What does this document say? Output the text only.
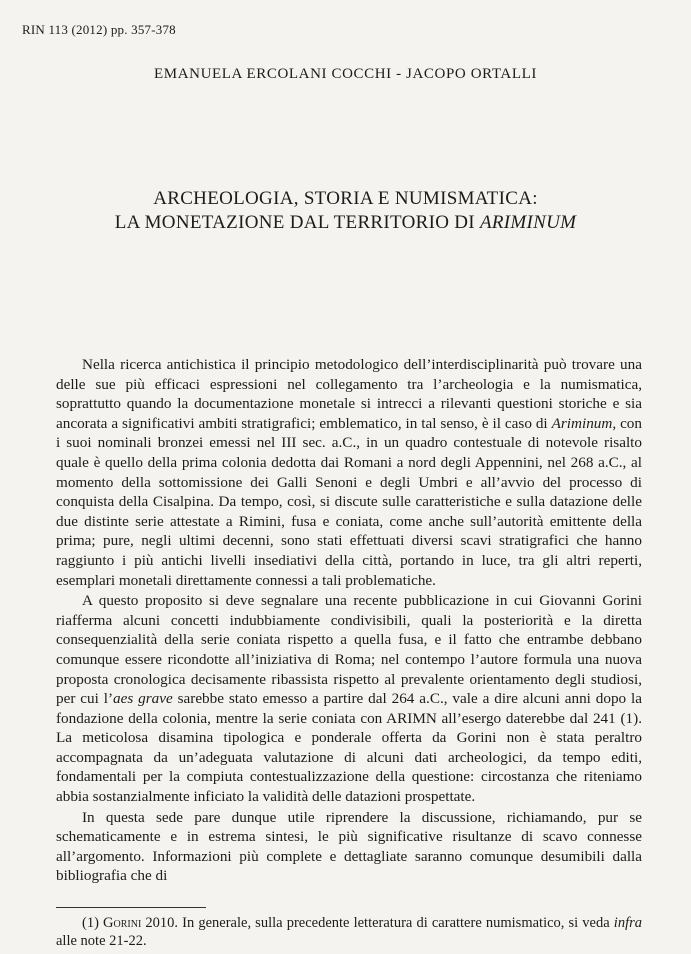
RIN 113 (2012) pp. 357-378
EMANUELA ERCOLANI COCCHI - JACOPO ORTALLI
ARCHEOLOGIA, STORIA E NUMISMATICA:
LA MONETAZIONE DAL TERRITORIO DI ARIMINUM

Nella ricerca antichistica il principio metodologico dell’interdisciplinarità può trovare una delle sue più efficaci espressioni nel collegamento tra l’archeologia e la numismatica, soprattutto quando la documentazione monetale si intrecci a rilevanti questioni storiche e sia ancorata a significativi ambiti stratigrafici; emblematico, in tal senso, è il caso di Ariminum, con i suoi nominali bronzei emessi nel III sec. a.C., in un quadro contestuale di notevole risalto quale è quello della prima colonia dedotta dai Romani a nord degli Appennini, nel 268 a.C., al momento della sottomissione dei Galli Senoni e degli Umbri e all’avvio del processo di conquista della Cisalpina. Da tempo, così, si discute sulle caratteristiche e sulla datazione delle due distinte serie attestate a Rimini, fusa e coniata, come anche sull’autorità emittente della prima; pure, negli ultimi decenni, sono stati effettuati diversi scavi stratigrafici che hanno raggiunto i più antichi livelli insediativi della città, portando in luce, tra gli altri reperti, esemplari monetali direttamente connessi a tali problematiche.

A questo proposito si deve segnalare una recente pubblicazione in cui Giovanni Gorini riafferma alcuni concetti indubbiamente condivisibili, quali la posteriorità e la diretta consequenzialità della serie coniata rispetto a quella fusa, e il fatto che entrambe debbano comunque essere ricondotte all’iniziativa di Roma; nel contempo l’autore formula una nuova proposta cronologica decisamente ribassista rispetto al prevalente orientamento degli studiosi, per cui l’aes grave sarebbe stato emesso a partire dal 264 a.C., vale a dire alcuni anni dopo la fondazione della colonia, mentre la serie coniata con ARIMN all’esergo daterebbe dal 241 (1). La meticolosa disamina tipologica e ponderale offerta da Gorini non è stata peraltro accompagnata da un’adeguata valutazione di alcuni dati archeologici, da tempo editi, fondamentali per la compiuta contestualizzazione della questione: circostanza che riteniamo abbia sostanzialmente inficiato la validità delle datazioni prospettate.

In questa sede pare dunque utile riprendere la discussione, richiamando, pur se schematicamente e in estrema sintesi, le più significative risultanze di scavo connesse all’argomento. Informazioni più complete e dettagliate saranno comunque desumibili dalla bibliografia che di

(1) Gorini 2010. In generale, sulla precedente letteratura di carattere numismatico, si veda infra alle note 21-22.
